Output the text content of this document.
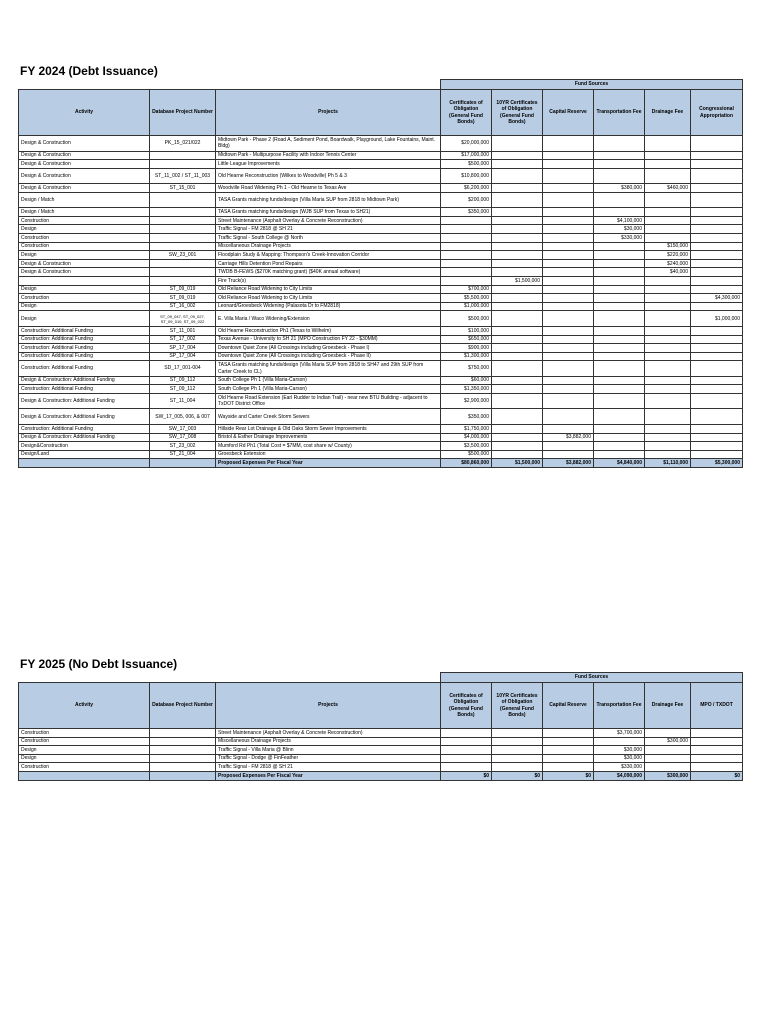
FY 2024 (Debt Issuance)
			Fund Sources					
Activity	Database Project Number	Projects	Certificates of Obligation (General Fund Bonds)	10YR Certificates of Obligation (General Fund Bonds)	Capital Reserve	Transportation Fee	Drainage Fee	Congressional Appropriation
Design & Construction	PK_15_021/022	Midtown Park - Phase 2 (Road A, Sediment Pond, Boardwalk, Playground, Lake Fountains, Maint. Bldg)	$20,000,000					
Design & Construction		Midtown Park - Multipurpose Facility with Indoor Tennis Center	$17,000,000					
Design & Construction		Little League Improvements	$500,000					
Design & Construction	ST_11_002 / ST_11_003	Old Hearne Reconstruction (Wilkes to Woodville) Ph 5 & 3	$10,800,000					
Design & Construction	ST_15_001	Woodville Road Widening Ph 1 - Old Hearne to Texas Ave	$6,200,000			$380,000	$460,000	
Design / Match		TASA Grants matching funds/design (Villa Maria SUP from 2818 to Midtown Park)	$200,000					
Design / Match		TASA Grants matching funds/design (WJB SUP from Texas to SH21)	$350,000					
Construction		Street Maintenance (Asphalt Overlay & Concrete Reconstruction)				$4,100,000		
Design		Traffic Signal - FM 2818 @ SH 21				$30,000		
Construction		Traffic Signal - South College @ North				$330,000		
Construction		Miscellaneous Drainage Projects					$150,000	
Design	SW_23_001	Floodplain Study & Mapping: Thompson's Creek-Innovation Corridor					$220,000	
Design & Construction		Carriage Hills Detention Pond Repairs					$240,000	
Design & Construction		TWDB B-FEWS ($270K matching grant) ($40K annual software)					$40,000	
		Fire Truck(s)		$1,500,000				
Design	ST_09_019	Old Reliance Road Widening to City Limits	$700,000					
Construction	ST_09_019	Old Reliance Road Widening to City Limits	$5,500,000					$4,300,000
Design	ST_16_002	Leonard/Groesbeck Widening (Palasota Dr to FM2818)	$1,000,000					
Design	ST_09_047, ST_09_027, ST_09_010, ST_09_022	E. Villa Maria / Waco Widening/Extension	$500,000					$1,000,000
Construction: Additional Funding	ST_11_001	Old Hearne Reconstruction Ph1 (Texas to Wilhelm)	$100,000					
Construction: Additional Funding	ST_17_002	Texas Avenue - University to SH 21 (MPO Construction FY 22 - $30MM)	$650,000					
Construction: Additional Funding	SP_17_004	Downtown Quiet Zone (All Crossings including Groesbeck - Phase I)	$900,000					
Construction: Additional Funding	SP_17_004	Downtown Quiet Zone (All Crossings including Groesbeck - Phase II)	$1,300,000					
Construction: Additional Funding	SD_17_001-004	TASA Grants matching funds/design (Villa Maria SUP from 2818 to SH47 and 29th SUP from Carter Creek to CL)	$750,000					
Design & Construction: Additional Funding	ST_09_112	South College Ph 1 (Villa Maria-Carson)	$60,000					
Construction: Additional Funding	ST_09_112	South College Ph 1 (Villa Maria-Carson)	$1,350,000					
Design & Construction: Additional Funding	ST_11_004	Old Hearne Road Extension (Earl Rudder to Indian Trail) - near new BTU Building - adjacent to TxDOT District Office	$2,900,000					
Design & Construction: Additional Funding	SW_17_005, 006, & 007	Wayside and Carter Creek Storm Sewers	$350,000					
Construction: Additional Funding	SW_17_003	Hillside Rear Lot Drainage & Old Oaks Storm Sewer Improvements	$1,750,000					
Design & Construction: Additional Funding	SW_17_008	Bristol & Esther Drainage Improvements	$4,000,000		$3,882,000			
Design&Construction	ST_23_002	Mumford Rd Ph1 (Total Cost = $7MM, cost share w/ County)	$3,500,000					
Design/Land	ST_21_004	Groesbeck Extension	$500,000					
		Proposed Expenses Per Fiscal Year	$80,860,000	$1,500,000	$3,882,000	$4,840,000	$1,110,000	$5,300,000
FY 2025 (No Debt Issuance)
			Fund Sources					
Activity	Database Project Number	Projects	Certificates of Obligation (General Fund Bonds)	10YR Certificates of Obligation (General Fund Bonds)	Capital Reserve	Transportation Fee	Drainage Fee	MPO / TXDOT
Construction		Street Maintenance (Asphalt Overlay & Concrete Reconstruction)				$3,700,000		
Construction		Miscellaneous Drainage Projects					$300,000	
Design		Traffic Signal - Villa Maria @ Blinn				$30,000		
Design		Traffic Signal - Dodge @ FinFeather				$30,000		
Construction		Traffic Signal - FM 2818 @ SH 21				$330,000		
		Proposed Expenses Per Fiscal Year	$0	$0	$0	$4,090,000	$300,000	$0
